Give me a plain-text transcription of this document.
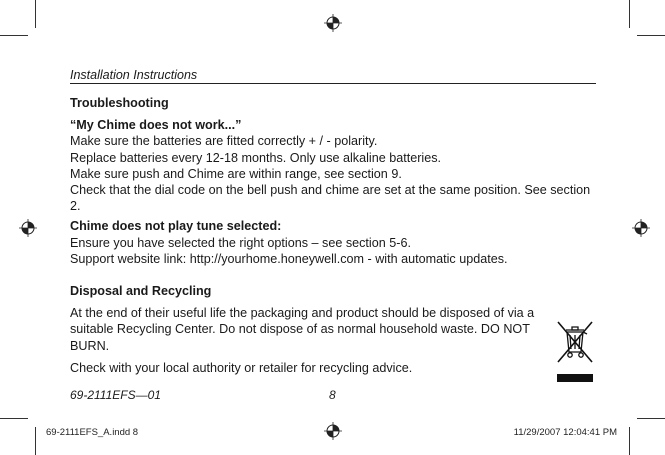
Installation Instructions
Troubleshooting
“My Chime does not work...”

Make sure the batteries are fitted correctly + / - polarity.

Replace batteries every 12-18 months. Only use alkaline batteries.

Make sure push and Chime are within range, see section 9.

Check that the dial code on the bell push and chime are set at the same position. See section 2.

Chime does not play tune selected:

Ensure you have selected the right options – see section 5-6.

Support website link: http://yourhome.honeywell.com - with automatic updates.

Disposal and Recycling

At the end of their useful life the packaging and product should be disposed of via a suitable Recycling Center. Do not dispose of as normal household waste. DO NOT BURN.

Check with your local authority or retailer for recycling advice.

69-2111EFS—01	8
69-2111EFS_A.indd 8	11/29/2007 12:04:41 PM
